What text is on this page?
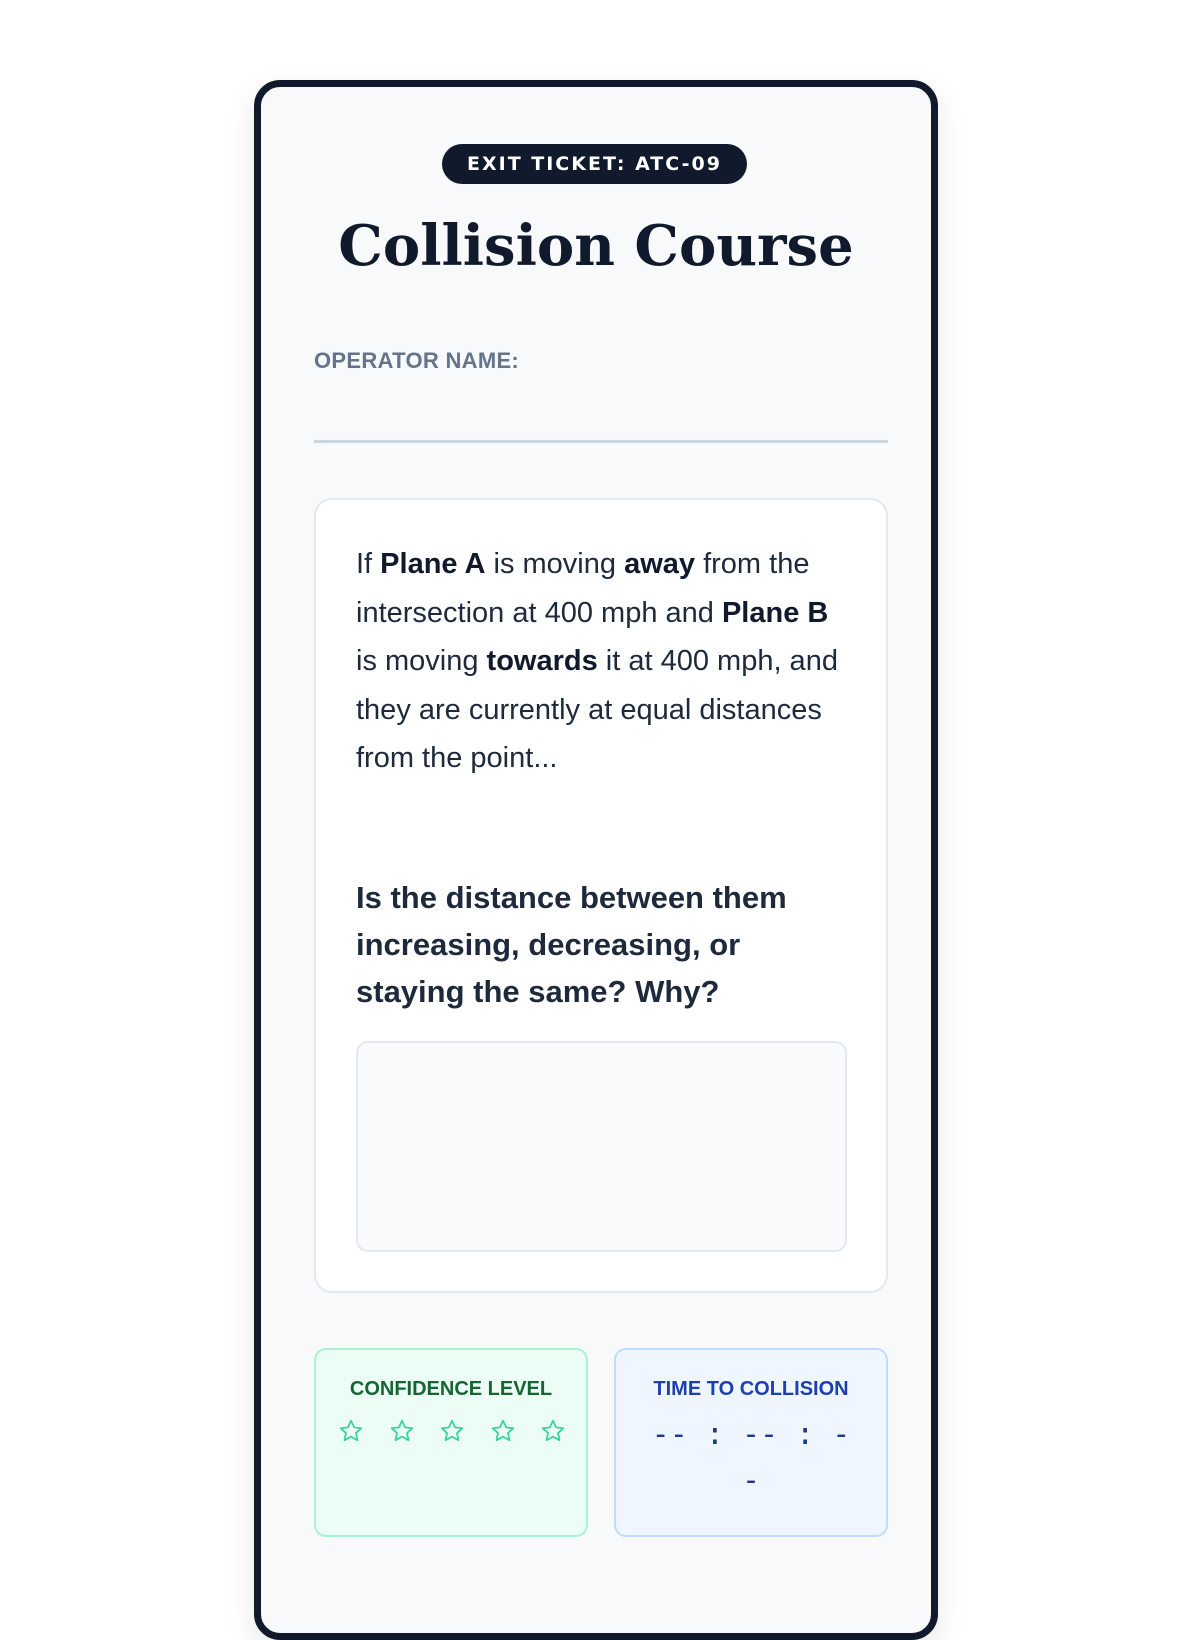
EXIT TICKET: ATC-09
Collision Course
OPERATOR NAME:

If Plane A is moving away from the intersection at 400 mph and Plane B is moving towards it at 400 mph, and they are currently at equal distances from the point...

Is the distance between them increasing, decreasing, or staying the same? Why?

CONFIDENCE LEVEL	TIME TO COLLISION

-- : -- : --
